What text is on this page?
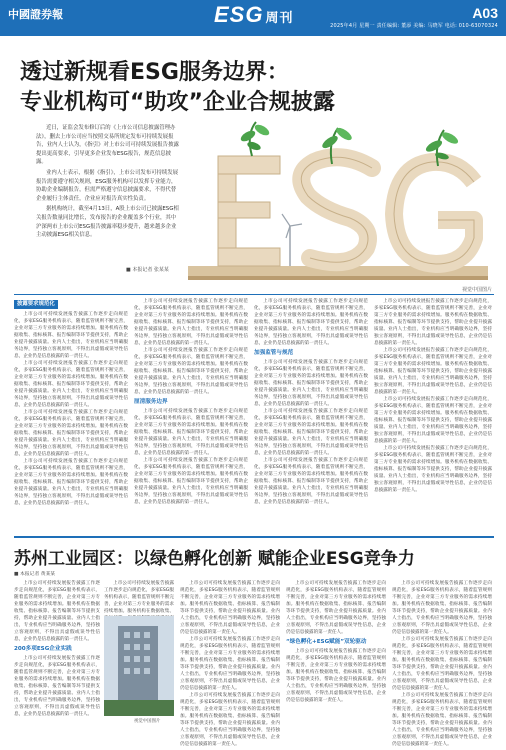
中國證券報	ESG 周刊	A03
2025年4月 星期一 责任编辑: 董添 美编: 马晓军 电话: 010-63070324
透过新规看ESG服务边界：
专业机构可“助攻”企业合规披露

近日，证监会发布修订后的《上市公司信息披露管理办法》，删去上市公司应当按照交易所规定发布可持续发展报告，业内人士认为，《指引》对上市公司可持续发展报告披露提出更高要求，引导更多企业发布ESG报告，规范信息披露。

业内人士表示，根据《指引》，上市公司发布可持续发展报告需要遵守相关规则，ESG服务机构可以发挥专业能力，协助企业编制报告，但需严格遵守信息披露要求，不得代替企业履行主体责任，企业应对报告真实性负责。

据机构统计，截至4月13日，A股上市公司已披露ESG相关报告数量同比增长，发布报告的企业覆盖多个行业，其中沪深两市上市公司ESG报告披露率稳步提升，越来越多企业主动披露ESG相关信息。

■ 本报记者 张某某
视觉中国图片
披露要求规范化

上市公司可持续发展报告披露工作逐步走向规范化，多家ESG服务机构表示，随着监管规则不断完善，企业对第三方专业服务的需求持续增加。服务机构在数据收集、指标核算、报告编制等环节提供支持，帮助企业提升披露质量。业内人士指出，专业机构应当明确服务边界，坚持独立客观原则，不得出具虚假或误导性信息，企业仍是信息披露的第一责任人。

上市公司可持续发展报告披露工作逐步走向规范化，多家ESG服务机构表示，随着监管规则不断完善，企业对第三方专业服务的需求持续增加。服务机构在数据收集、指标核算、报告编制等环节提供支持，帮助企业提升披露质量。业内人士指出，专业机构应当明确服务边界，坚持独立客观原则，不得出具虚假或误导性信息，企业仍是信息披露的第一责任人。

上市公司可持续发展报告披露工作逐步走向规范化，多家ESG服务机构表示，随着监管规则不断完善，企业对第三方专业服务的需求持续增加。服务机构在数据收集、指标核算、报告编制等环节提供支持，帮助企业提升披露质量。业内人士指出，专业机构应当明确服务边界，坚持独立客观原则，不得出具虚假或误导性信息，企业仍是信息披露的第一责任人。

上市公司可持续发展报告披露工作逐步走向规范化，多家ESG服务机构表示，随着监管规则不断完善，企业对第三方专业服务的需求持续增加。服务机构在数据收集、指标核算、报告编制等环节提供支持，帮助企业提升披露质量。业内人士指出，专业机构应当明确服务边界，坚持独立客观原则，不得出具虚假或误导性信息，企业仍是信息披露的第一责任人。

上市公司可持续发展报告披露工作逐步走向规范化，多家ESG服务机构表示，随着监管规则不断完善，企业对第三方专业服务的需求持续增加。服务机构在数据收集、指标核算、报告编制等环节提供支持，帮助企业提升披露质量。业内人士指出，专业机构应当明确服务边界，坚持独立客观原则，不得出具虚假或误导性信息，企业仍是信息披露的第一责任人。

上市公司可持续发展报告披露工作逐步走向规范化，多家ESG服务机构表示，随着监管规则不断完善，企业对第三方专业服务的需求持续增加。服务机构在数据收集、指标核算、报告编制等环节提供支持，帮助企业提升披露质量。业内人士指出，专业机构应当明确服务边界，坚持独立客观原则，不得出具虚假或误导性信息，企业仍是信息披露的第一责任人。

厘清服务边界

上市公司可持续发展报告披露工作逐步走向规范化，多家ESG服务机构表示，随着监管规则不断完善，企业对第三方专业服务的需求持续增加。服务机构在数据收集、指标核算、报告编制等环节提供支持，帮助企业提升披露质量。业内人士指出，专业机构应当明确服务边界，坚持独立客观原则，不得出具虚假或误导性信息，企业仍是信息披露的第一责任人。

上市公司可持续发展报告披露工作逐步走向规范化，多家ESG服务机构表示，随着监管规则不断完善，企业对第三方专业服务的需求持续增加。服务机构在数据收集、指标核算、报告编制等环节提供支持，帮助企业提升披露质量。业内人士指出，专业机构应当明确服务边界，坚持独立客观原则，不得出具虚假或误导性信息，企业仍是信息披露的第一责任人。

上市公司可持续发展报告披露工作逐步走向规范化，多家ESG服务机构表示，随着监管规则不断完善，企业对第三方专业服务的需求持续增加。服务机构在数据收集、指标核算、报告编制等环节提供支持，帮助企业提升披露质量。业内人士指出，专业机构应当明确服务边界，坚持独立客观原则，不得出具虚假或误导性信息，企业仍是信息披露的第一责任人。

加强监管与规范

上市公司可持续发展报告披露工作逐步走向规范化，多家ESG服务机构表示，随着监管规则不断完善，企业对第三方专业服务的需求持续增加。服务机构在数据收集、指标核算、报告编制等环节提供支持，帮助企业提升披露质量。业内人士指出，专业机构应当明确服务边界，坚持独立客观原则，不得出具虚假或误导性信息，企业仍是信息披露的第一责任人。

上市公司可持续发展报告披露工作逐步走向规范化，多家ESG服务机构表示，随着监管规则不断完善，企业对第三方专业服务的需求持续增加。服务机构在数据收集、指标核算、报告编制等环节提供支持，帮助企业提升披露质量。业内人士指出，专业机构应当明确服务边界，坚持独立客观原则，不得出具虚假或误导性信息，企业仍是信息披露的第一责任人。

上市公司可持续发展报告披露工作逐步走向规范化，多家ESG服务机构表示，随着监管规则不断完善，企业对第三方专业服务的需求持续增加。服务机构在数据收集、指标核算、报告编制等环节提供支持，帮助企业提升披露质量。业内人士指出，专业机构应当明确服务边界，坚持独立客观原则，不得出具虚假或误导性信息，企业仍是信息披露的第一责任人。

上市公司可持续发展报告披露工作逐步走向规范化，多家ESG服务机构表示，随着监管规则不断完善，企业对第三方专业服务的需求持续增加。服务机构在数据收集、指标核算、报告编制等环节提供支持，帮助企业提升披露质量。业内人士指出，专业机构应当明确服务边界，坚持独立客观原则，不得出具虚假或误导性信息，企业仍是信息披露的第一责任人。

上市公司可持续发展报告披露工作逐步走向规范化，多家ESG服务机构表示，随着监管规则不断完善，企业对第三方专业服务的需求持续增加。服务机构在数据收集、指标核算、报告编制等环节提供支持，帮助企业提升披露质量。业内人士指出，专业机构应当明确服务边界，坚持独立客观原则，不得出具虚假或误导性信息，企业仍是信息披露的第一责任人。

上市公司可持续发展报告披露工作逐步走向规范化，多家ESG服务机构表示，随着监管规则不断完善，企业对第三方专业服务的需求持续增加。服务机构在数据收集、指标核算、报告编制等环节提供支持，帮助企业提升披露质量。业内人士指出，专业机构应当明确服务边界，坚持独立客观原则，不得出具虚假或误导性信息，企业仍是信息披露的第一责任人。

上市公司可持续发展报告披露工作逐步走向规范化，多家ESG服务机构表示，随着监管规则不断完善，企业对第三方专业服务的需求持续增加。服务机构在数据收集、指标核算、报告编制等环节提供支持，帮助企业提升披露质量。业内人士指出，专业机构应当明确服务边界，坚持独立客观原则，不得出具虚假或误导性信息，企业仍是信息披露的第一责任人。

苏州工业园区：以绿色孵化创新 赋能企业ESG竞争力
■ 本报记者 黄某某

上市公司可持续发展报告披露工作逐步走向规范化，多家ESG服务机构表示，随着监管规则不断完善，企业对第三方专业服务的需求持续增加。服务机构在数据收集、指标核算、报告编制等环节提供支持，帮助企业提升披露质量。业内人士指出，专业机构应当明确服务边界，坚持独立客观原则，不得出具虚假或误导性信息，企业仍是信息披露的第一责任人。

200多项ESG企业实践

上市公司可持续发展报告披露工作逐步走向规范化，多家ESG服务机构表示，随着监管规则不断完善，企业对第三方专业服务的需求持续增加。服务机构在数据收集、指标核算、报告编制等环节提供支持，帮助企业提升披露质量。业内人士指出，专业机构应当明确服务边界，坚持独立客观原则，不得出具虚假或误导性信息，企业仍是信息披露的第一责任人。

上市公司可持续发展报告披露工作逐步走向规范化，多家ESG服务机构表示，随着监管规则不断完善，企业对第三方专业服务的需求持续增加。服务机构在数据收集、

视觉中国图片

上市公司可持续发展报告披露工作逐步走向规范化，多家ESG服务机构表示，随着监管规则不断完善，企业对第三方专业服务的需求持续增加。服务机构在数据收集、指标核算、报告编制等环节提供支持，帮助企业提升披露质量。业内人士指出，专业机构应当明确服务边界，坚持独立客观原则，不得出具虚假或误导性信息，企业仍是信息披露的第一责任人。

上市公司可持续发展报告披露工作逐步走向规范化，多家ESG服务机构表示，随着监管规则不断完善，企业对第三方专业服务的需求持续增加。服务机构在数据收集、指标核算、报告编制等环节提供支持，帮助企业提升披露质量。业内人士指出，专业机构应当明确服务边界，坚持独立客观原则，不得出具虚假或误导性信息，企业仍是信息披露的第一责任人。

上市公司可持续发展报告披露工作逐步走向规范化，多家ESG服务机构表示，随着监管规则不断完善，企业对第三方专业服务的需求持续增加。服务机构在数据收集、指标核算、报告编制等环节提供支持，帮助企业提升披露质量。业内人士指出，专业机构应当明确服务边界，坚持独立客观原则，不得出具虚假或误导性信息，企业仍是信息披露的第一责任人。

上市公司可持续发展报告披露工作逐步走向规范化，多家ESG服务机构表示，随着监管规则不断完善，企业对第三方专业服务的需求持续增加。服务机构在数据收集、指标核算、报告编制等环节提供支持，帮助企业提升披露质量。业内人士指出，专业机构应当明确服务边界，坚持独立客观原则，不得出具虚假或误导性信息，企业仍是信息披露的第一责任人。

“绿色孵化+ESG赋能”双轮驱动

上市公司可持续发展报告披露工作逐步走向规范化，多家ESG服务机构表示，随着监管规则不断完善，企业对第三方专业服务的需求持续增加。服务机构在数据收集、指标核算、报告编制等环节提供支持，帮助企业提升披露质量。业内人士指出，专业机构应当明确服务边界，坚持独立客观原则，不得出具虚假或误导性信息，企业仍是信息披露的第一责任人。

上市公司可持续发展报告披露工作逐步走向规范化，多家ESG服务机构表示，随着监管规则不断完善，企业对第三方专业服务的需求持续增加。服务机构在数据收集、指标核算、报告编制等环节提供支持，帮助企业提升披露质量。业内人士指出，专业机构应当明确服务边界，坚持独立客观原则，不得出具虚假或误导性信息，企业仍是信息披露的第一责任人。

上市公司可持续发展报告披露工作逐步走向规范化，多家ESG服务机构表示，随着监管规则不断完善，企业对第三方专业服务的需求持续增加。服务机构在数据收集、指标核算、报告编制等环节提供支持，帮助企业提升披露质量。业内人士指出，专业机构应当明确服务边界，坚持独立客观原则，不得出具虚假或误导性信息，企业仍是信息披露的第一责任人。

上市公司可持续发展报告披露工作逐步走向规范化，多家ESG服务机构表示，随着监管规则不断完善，企业对第三方专业服务的需求持续增加。服务机构在数据收集、指标核算、报告编制等环节提供支持，帮助企业提升披露质量。业内人士指出，专业机构应当明确服务边界，坚持独立客观原则，不得出具虚假或误导性信息，企业仍是信息披露的第一责任人。
